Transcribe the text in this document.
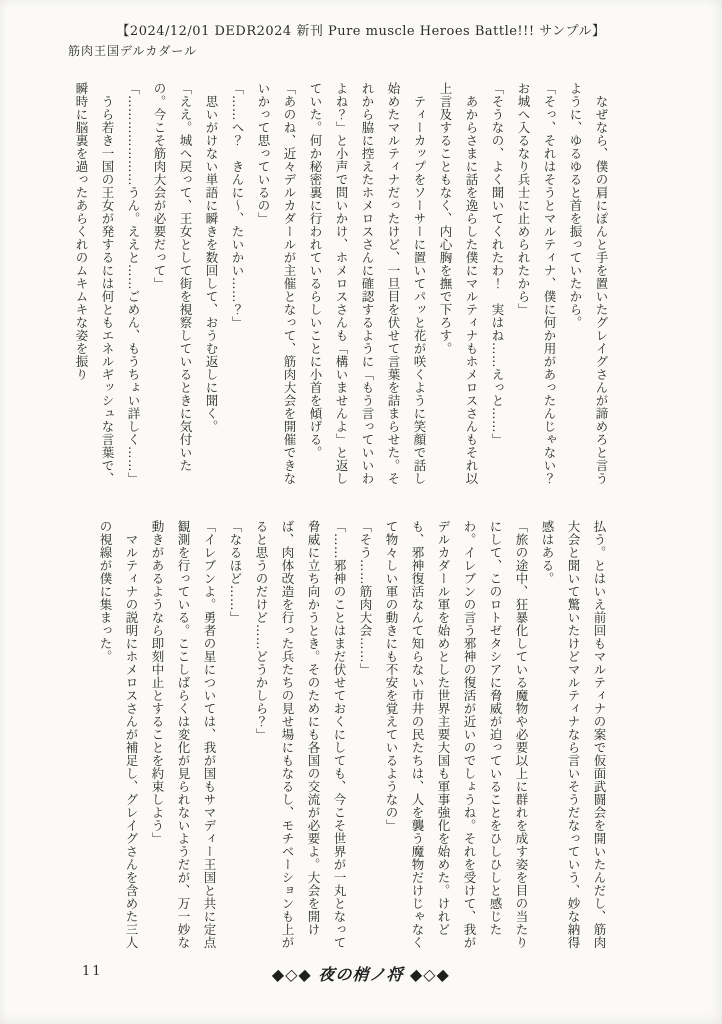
【2024/12/01 DEDR2024 新刊 Pure muscle Heroes Battle!!! サンプル】
筋肉王国デルカダール

　なぜなら、僕の肩にぽんと手を置いたグレイグさんが諦めろと言うように、ゆるゆると首を振っていたから。

「そっ、それはそうとマルティナ、僕に何か用があったんじゃない？　お城へ入るなり兵士に止められたから」

「そうなの、よく聞いてくれたわ！　実はね……えっと……」

　あからさまに話を逸らした僕にマルティナもホメロスさんもそれ以上言及することもなく、内心胸を撫で下ろす。

　ティーカップをソーサーに置いてパッと花が咲くように笑顔で話し始めたマルティナだったけど、一旦目を伏せて言葉を詰まらせた。それから脇に控えたホメロスさんに確認するように「もう言っていいわよね？」と小声で問いかけ、ホメロスさんも「構いませんよ」と返していた。何か秘密裏に行われているらしいことに小首を傾げる。

「あのね、近々デルカダールが主催となって、筋肉大会を開催できないかって思っているの」

「……へ？　きんに〜、たいかい……？」

　思いがけない単語に瞬きを数回して、おうむ返しに聞く。

「ええ。城へ戻って、王女として街を視察しているときに気付いたの。今こそ筋肉大会が必要だって」

「…………………うん。ええと……ごめん、もうちょい詳しく……」

　うら若き一国の王女が発するには何ともエネルギッシュな言葉で、瞬時に脳裏を過ったあらくれのムキムキな姿を振り

払う。とはいえ前回もマルティナの案で仮面武闘会を開いたんだし、筋肉大会と聞いて驚いたけどマルティナなら言いそうだなっていう、妙な納得感はある。

「旅の途中、狂暴化している魔物や必要以上に群れを成す姿を目の当たりにして、このロトゼタシアに脅威が迫っていることをひしひしと感じたわ。イレブンの言う邪神の復活が近いのでしょうね。それを受けて、我がデルカダール軍を始めとした世界主要大国も軍事強化を始めた。けれども、邪神復活なんて知らない市井の民たちは、人を襲う魔物だけじゃなくて物々しい軍の動きにも不安を覚えているようなの」

「そう……筋肉大会……」

「……邪神のことはまだ伏せておくにしても、今こそ世界が一丸となって脅威に立ち向かうとき。そのためにも各国の交流が必要よ。大会を開けば、肉体改造を行った兵たちの見せ場にもなるし、モチベーションも上がると思うのだけど……どうかしら？」

「なるほど……」

「イレブンよ。勇者の星については、我が国もサマディー王国と共に定点観測を行っている。ここしばらくは変化が見られないようだが、万一妙な動きがあるようなら即刻中止とすることを約束しよう」

　マルティナの説明にホメロスさんが補足し、グレイグさんを含めた三人の視線が僕に集まった。

11	◆◇◆ 夜の梢ノ将 ◆◇◆
